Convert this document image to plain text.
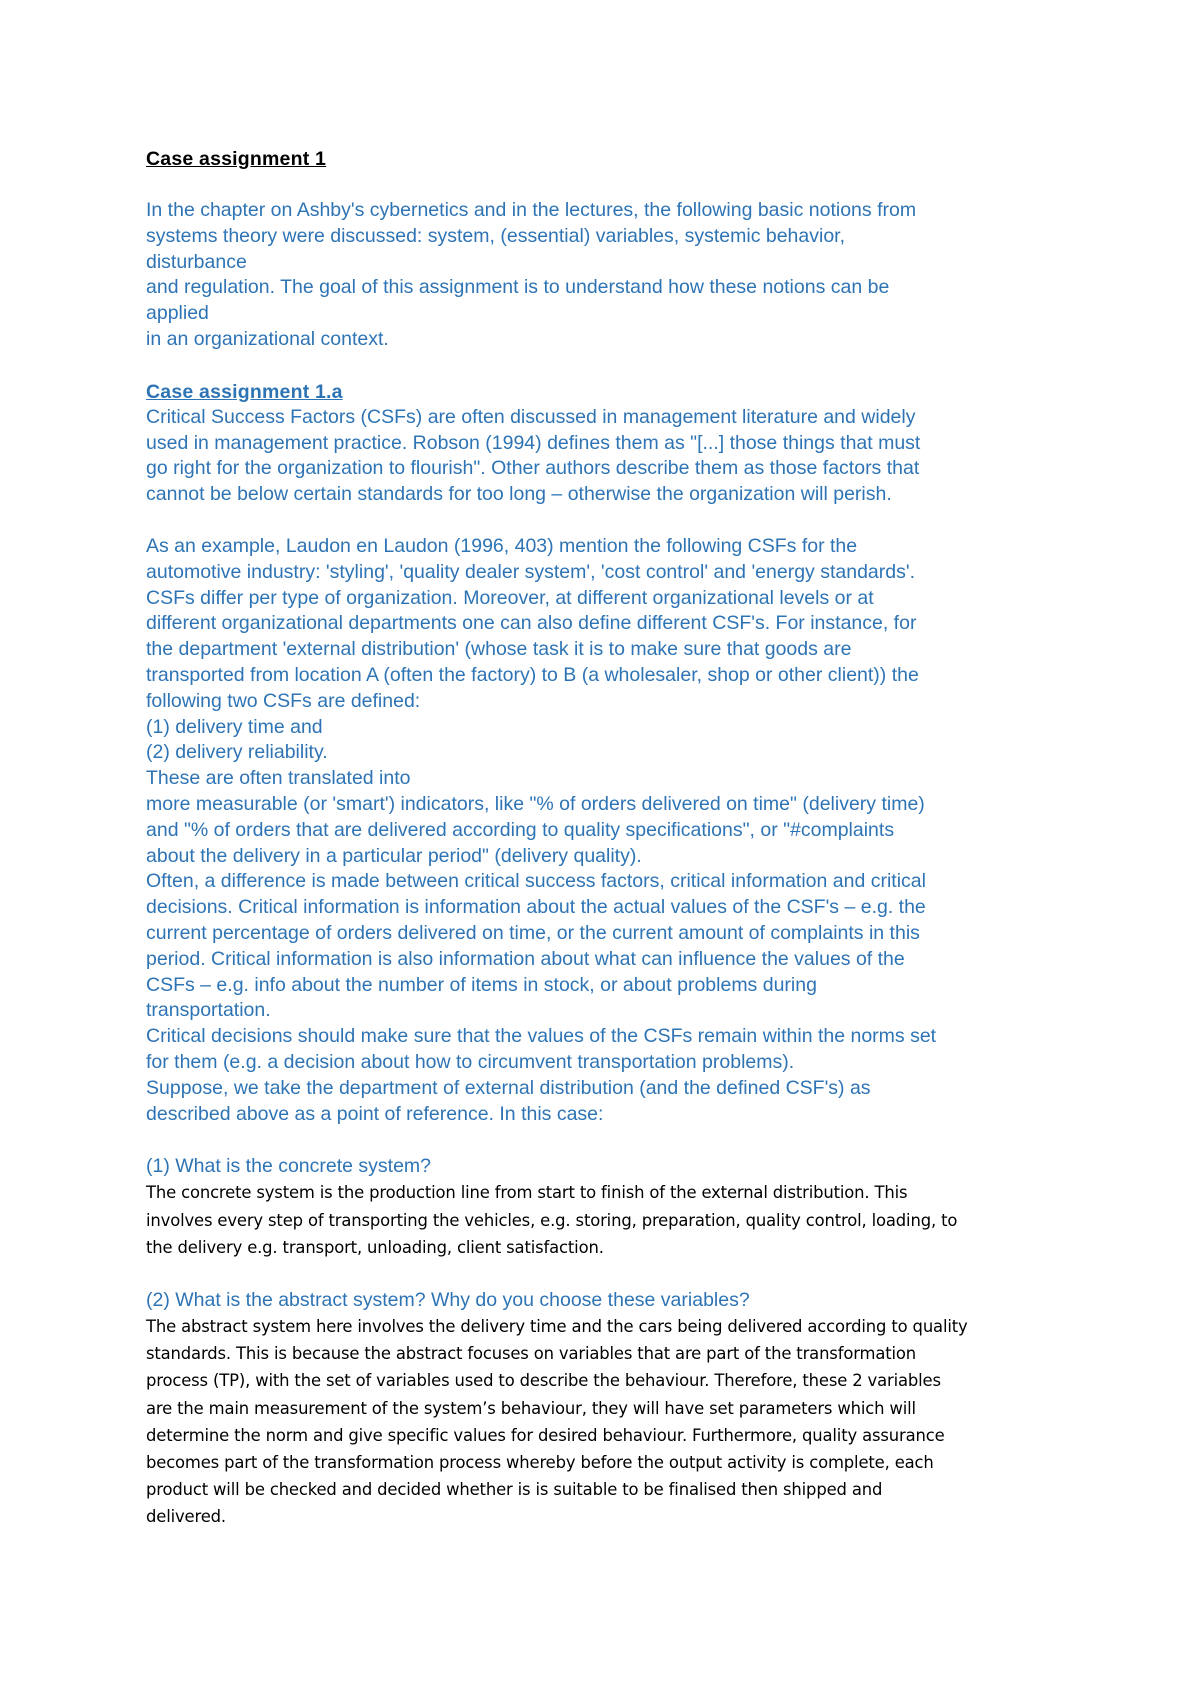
Case assignment 1

In the chapter on Ashby's cybernetics and in the lectures, the following basic notions from
systems theory were discussed: system, (essential) variables, systemic behavior,
disturbance
and regulation. The goal of this assignment is to understand how these notions can be
applied
in an organizational context.

Case assignment 1.a

Critical Success Factors (CSFs) are often discussed in management literature and widely
used in management practice. Robson (1994) defines them as "[...] those things that must
go right for the organization to flourish". Other authors describe them as those factors that
cannot be below certain standards for too long – otherwise the organization will perish.
As an example, Laudon en Laudon (1996, 403) mention the following CSFs for the
automotive industry: 'styling', 'quality dealer system', 'cost control' and 'energy standards'.
CSFs differ per type of organization. Moreover, at different organizational levels or at
different organizational departments one can also define different CSF's. For instance, for
the department 'external distribution' (whose task it is to make sure that goods are
transported from location A (often the factory) to B (a wholesaler, shop or other client)) the
following two CSFs are defined:
(1) delivery time and
(2) delivery reliability.
These are often translated into
more measurable (or 'smart') indicators, like "% of orders delivered on time" (delivery time)
and "% of orders that are delivered according to quality specifications", or "#complaints
about the delivery in a particular period" (delivery quality).
Often, a difference is made between critical success factors, critical information and critical
decisions. Critical information is information about the actual values of the CSF's – e.g. the
current percentage of orders delivered on time, or the current amount of complaints in this
period. Critical information is also information about what can influence the values of the
CSFs – e.g. info about the number of items in stock, or about problems during
transportation.
Critical decisions should make sure that the values of the CSFs remain within the norms set
for them (e.g. a decision about how to circumvent transportation problems).
Suppose, we take the department of external distribution (and the defined CSF's) as
described above as a point of reference. In this case:

(1) What is the concrete system?

The concrete system is the production line from start to finish of the external distribution. This
involves every step of transporting the vehicles, e.g. storing, preparation, quality control, loading, to
the delivery e.g. transport, unloading, client satisfaction.

(2) What is the abstract system? Why do you choose these variables?

The abstract system here involves the delivery time and the cars being delivered according to quality
standards. This is because the abstract focuses on variables that are part of the transformation
process (TP), with the set of variables used to describe the behaviour. Therefore, these 2 variables
are the main measurement of the system’s behaviour, they will have set parameters which will
determine the norm and give specific values for desired behaviour. Furthermore, quality assurance
becomes part of the transformation process whereby before the output activity is complete, each
product will be checked and decided whether is is suitable to be finalised then shipped and
delivered.
